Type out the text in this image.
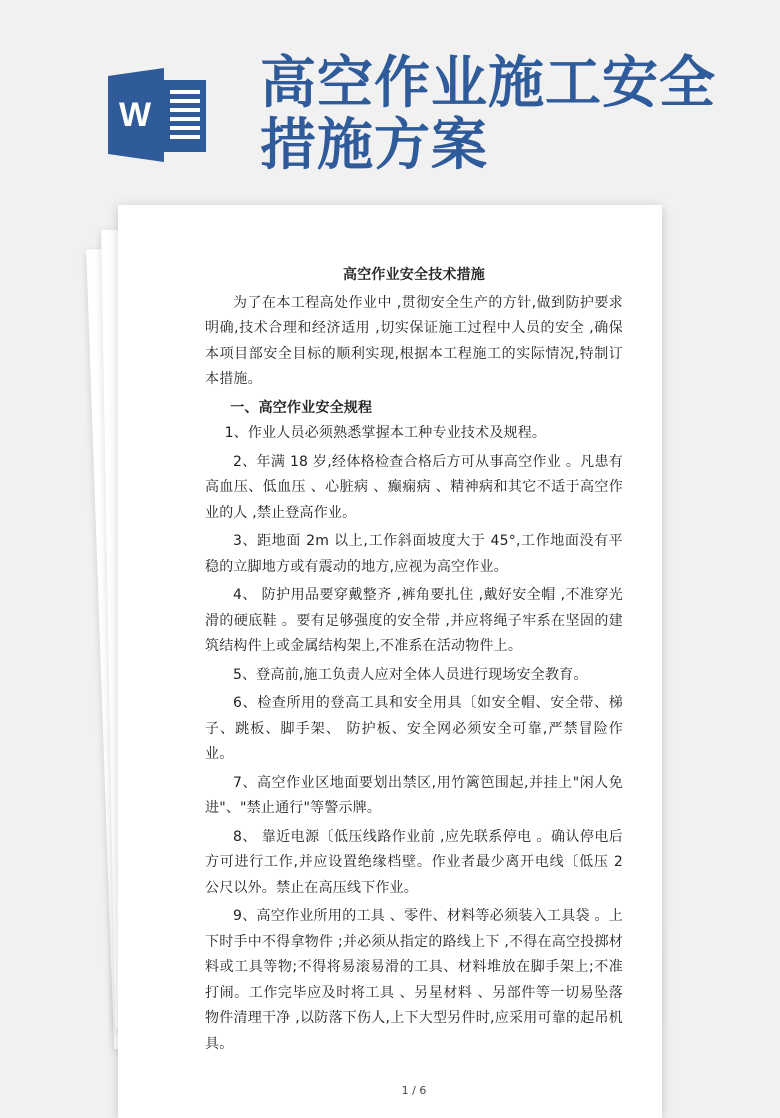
W 高空作业施工安全
措施方案
高空作业安全技术措施

为了在本工程高处作业中 ,贯彻安全生产的方针,做到防护要求明确,技术合理和经济适用 ,切实保证施工过程中人员的安全 ,确保本项目部安全目标的顺利实现,根据本工程施工的实际情况,特制订本措施。

一、高空作业安全规程

1、作业人员必须熟悉掌握本工种专业技术及规程。

2、年满 18 岁,经体格检查合格后方可从事高空作业 。凡患有高血压、低血压 、心脏病 、癫痫病 、精神病和其它不适于高空作业的人 ,禁止登高作业。

3、距地面 2m 以上,工作斜面坡度大于 45°,工作地面没有平稳的立脚地方或有震动的地方,应视为高空作业。

4、 防护用品要穿戴整齐 ,裤角要扎住 ,戴好安全帽 ,不准穿光滑的硬底鞋 。要有足够强度的安全带 ,并应将绳子牢系在坚固的建筑结构件上或金属结构架上,不准系在活动物件上。

5、登高前,施工负责人应对全体人员进行现场安全教育。

6、检查所用的登高工具和安全用具〔如安全帽、安全带、梯子、跳板、脚手架、 防护板、安全网必须安全可靠,严禁冒险作业。

7、高空作业区地面要划出禁区,用竹篱笆围起,并挂上"闲人免进"、"禁止通行"等警示牌。

8、 靠近电源〔低压线路作业前 ,应先联系停电 。确认停电后方可进行工作,并应设置绝缘档壁。作业者最少离开电线〔低压 2 公尺以外。禁止在高压线下作业。

9、高空作业所用的工具 、零件、材料等必须装入工具袋 。上下时手中不得拿物件 ;并必须从指定的路线上下 ,不得在高空投掷材料或工具等物;不得将易滚易滑的工具、材料堆放在脚手架上;不准打闹。工作完毕应及时将工具 、另星材料 、另部件等一切易坠落物件清理干净 ,以防落下伤人,上下大型另件时,应采用可靠的起吊机具。

1 / 6
